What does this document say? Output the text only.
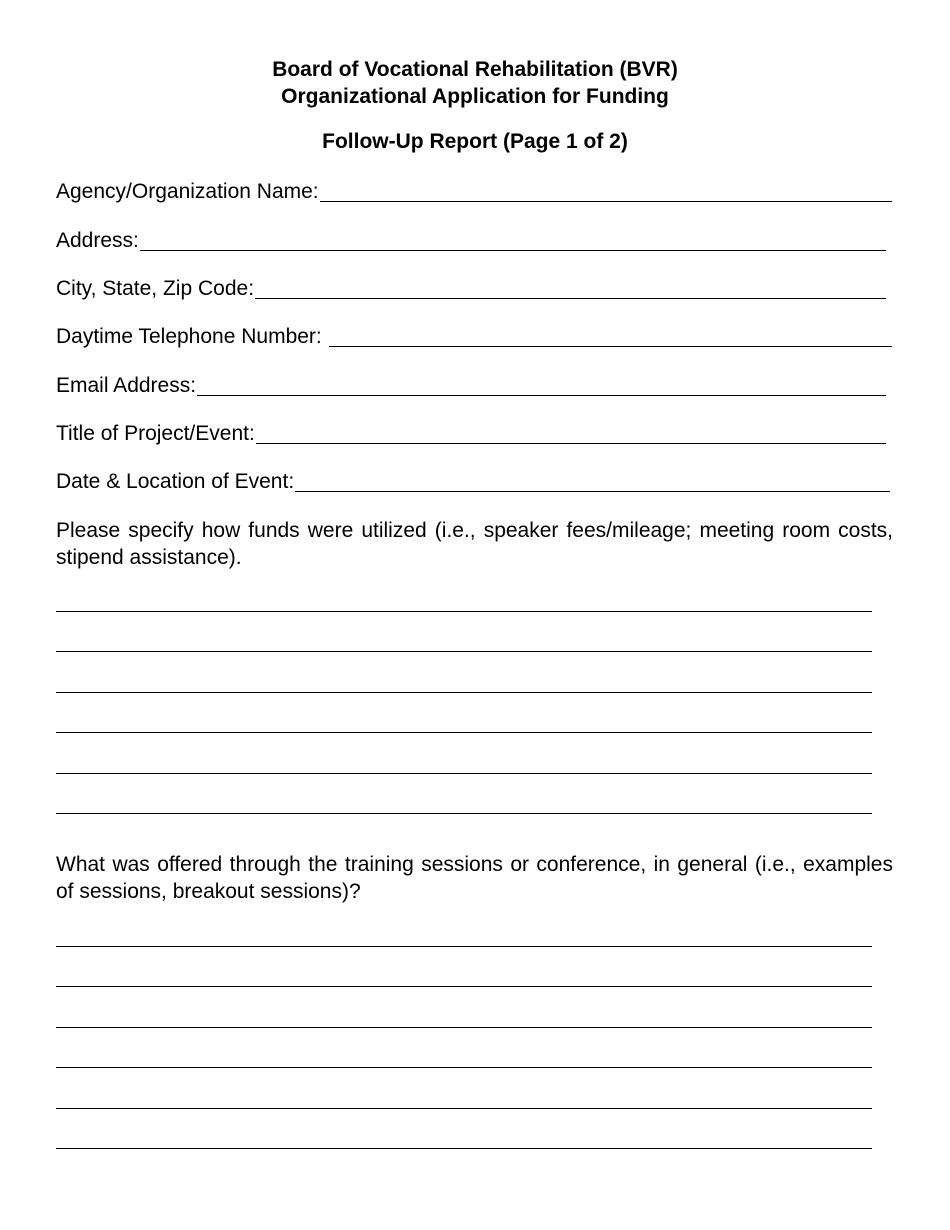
Board of Vocational Rehabilitation (BVR)
Organizational Application for Funding
Follow-Up Report (Page 1 of 2)
Agency/Organization Name:
Address:
City, State, Zip Code:
Daytime Telephone Number:
Email Address:
Title of Project/Event:
Date & Location of Event:
Please specify how funds were utilized (i.e., speaker fees/mileage; meeting room costs, stipend assistance).
What was offered through the training sessions or conference, in general (i.e., examples of sessions, breakout sessions)?
